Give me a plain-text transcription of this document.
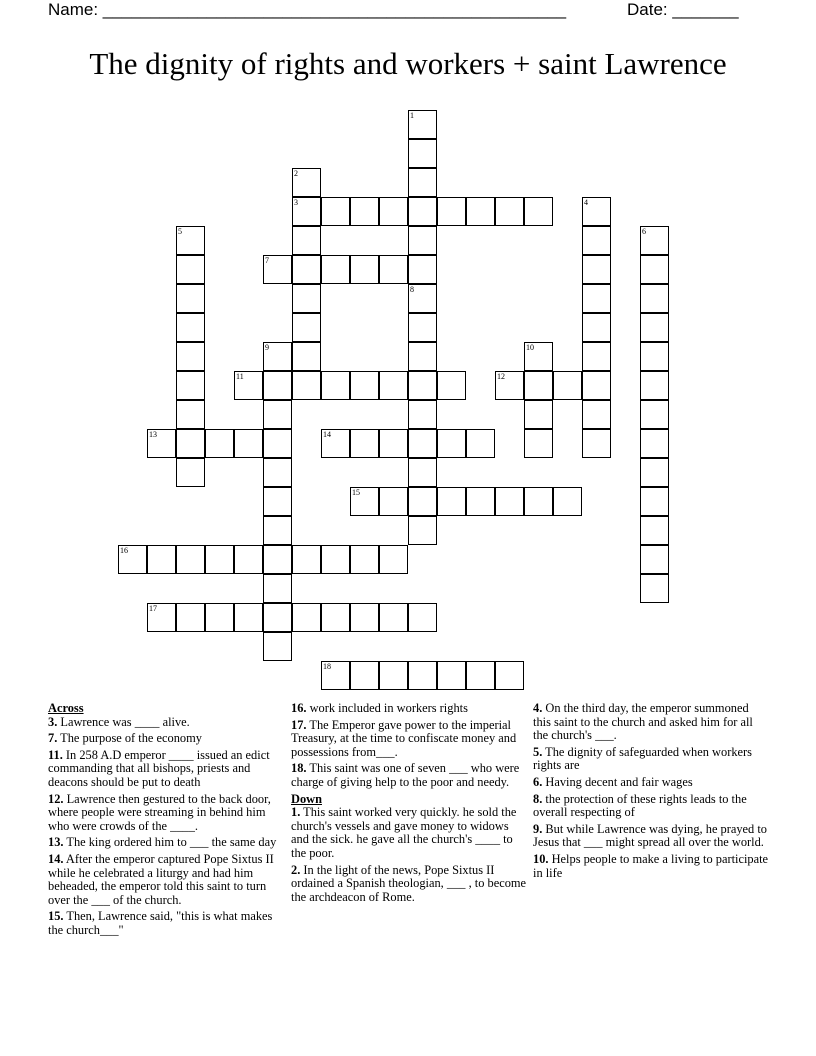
Name: _________________________________________________	Date: _______
The dignity of rights and workers + saint Lawrence
1
8
2
3	4
5	6
7
9	10
11	12
13	14
15
16
17
18
Across
3. Lawrence was ____ alive.
7. The purpose of the economy
11. In 258 A.D emperor ____ issued an edict commanding that all bishops, priests and deacons should be put to death
12. Lawrence then gestured to the back door, where people were streaming in behind him who were crowds of the ____.
13. The king ordered him to ___ the same day
14. After the emperor captured Pope Sixtus II while he celebrated a liturgy and had him beheaded, the emperor told this saint to turn over the ___ of the church.
15. Then, Lawrence said, "this is what makes the church___"
16. work included in workers rights
17. The Emperor gave power to the imperial Treasury, at the time to confiscate money and possessions from___.
18. This saint was one of seven ___ who were charge of giving help to the poor and needy.
Down
1. This saint worked very quickly. he sold the church's vessels and gave money to widows and the sick. he gave all the church's ____ to the poor.
2. In the light of the news, Pope Sixtus II ordained a Spanish theologian, ___ , to become the archdeacon of Rome.
4. On the third day, the emperor summoned this saint to the church and asked him for all the church's ___.
5. The dignity of safeguarded when workers rights are
6. Having decent and fair wages
8. the protection of these rights leads to the overall respecting of
9. But while Lawrence was dying, he prayed to Jesus that ___ might spread all over the world.
10. Helps people to make a living to participate in life
